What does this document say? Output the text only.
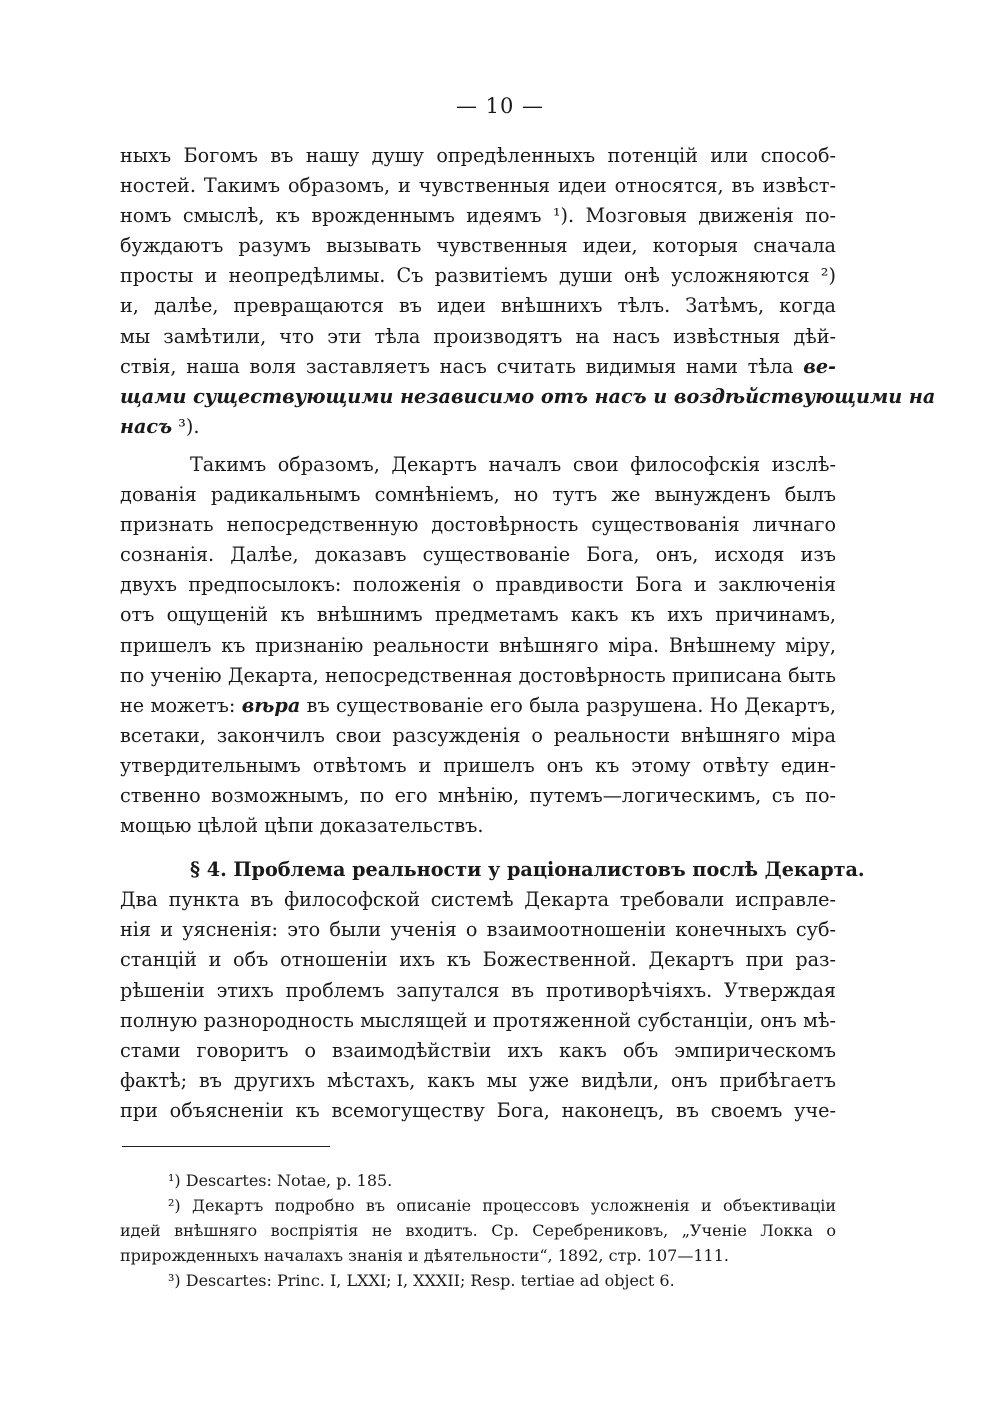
— 10 —
ныхъ Богомъ въ нашу душу опредѣленныхъ потенцій или способ-
ностей. Такимъ образомъ, и чувственныя идеи относятся, въ извѣст-
номъ смыслѣ, къ врожденнымъ идеямъ ¹). Мозговыя движенія по-
буждаютъ разумъ вызывать чувственныя идеи, которыя сначала
просты и неопредѣлимы. Съ развитіемъ души онѣ усложняются ²)
и, далѣе, превращаются въ идеи внѣшнихъ тѣлъ. Затѣмъ, когда
мы замѣтили, что эти тѣла производятъ на насъ извѣстныя дѣй-
ствія, наша воля заставляетъ насъ считать видимыя нами тѣла ве-
щами существующими независимо отъ насъ и воздѣйствующими на
насъ ³).
Такимъ образомъ, Декартъ началъ свои философскія изслѣ-
дованія радикальнымъ сомнѣніемъ, но тутъ же вынужденъ былъ
признать непосредственную достовѣрность существованія личнаго
сознанія. Далѣе, доказавъ существованіе Бога, онъ, исходя изъ
двухъ предпосылокъ: положенія о правдивости Бога и заключенія
отъ ощущеній къ внѣшнимъ предметамъ какъ къ ихъ причинамъ,
пришелъ къ признанію реальности внѣшняго міра. Внѣшнему міру,
по ученію Декарта, непосредственная достовѣрность приписана быть
не можетъ: вѣра въ существованіе его была разрушена. Но Декартъ,
всетаки, закончилъ свои разсужденія о реальности внѣшняго міра
утвердительнымъ отвѣтомъ и пришелъ онъ къ этому отвѣту един-
ственно возможнымъ, по его мнѣнію, путемъ—логическимъ, съ по-
мощью цѣлой цѣпи доказательствъ.
§ 4. Проблема реальности у раціоналистовъ послѣ Декарта.
Два пункта въ философской системѣ Декарта требовали исправле-
нія и уясненія: это были ученія о взаимоотношеніи конечныхъ суб-
станцій и объ отношеніи ихъ къ Божественной. Декартъ при раз-
рѣшеніи этихъ проблемъ запутался въ противорѣчіяхъ. Утверждая
полную разнородность мыслящей и протяженной субстанціи, онъ мѣ-
стами говоритъ о взаимодѣйствіи ихъ какъ объ эмпирическомъ
фактѣ; въ другихъ мѣстахъ, какъ мы уже видѣли, онъ прибѣгаетъ
при объясненіи къ всемогуществу Бога, наконецъ, въ своемъ уче-
¹) Descartes: Notae, p. 185.
²) Декартъ подробно въ описаніе процессовъ усложненія и объективаціи
идей внѣшняго воспріятія не входитъ. Ср. Серебрениковъ, „Ученіе Локка о
прирожденныхъ началахъ знанія и дѣятельности“, 1892, стр. 107—111.
³) Descartes: Princ. I, LXXI; I, XXXII; Resp. tertiae ad object 6.
